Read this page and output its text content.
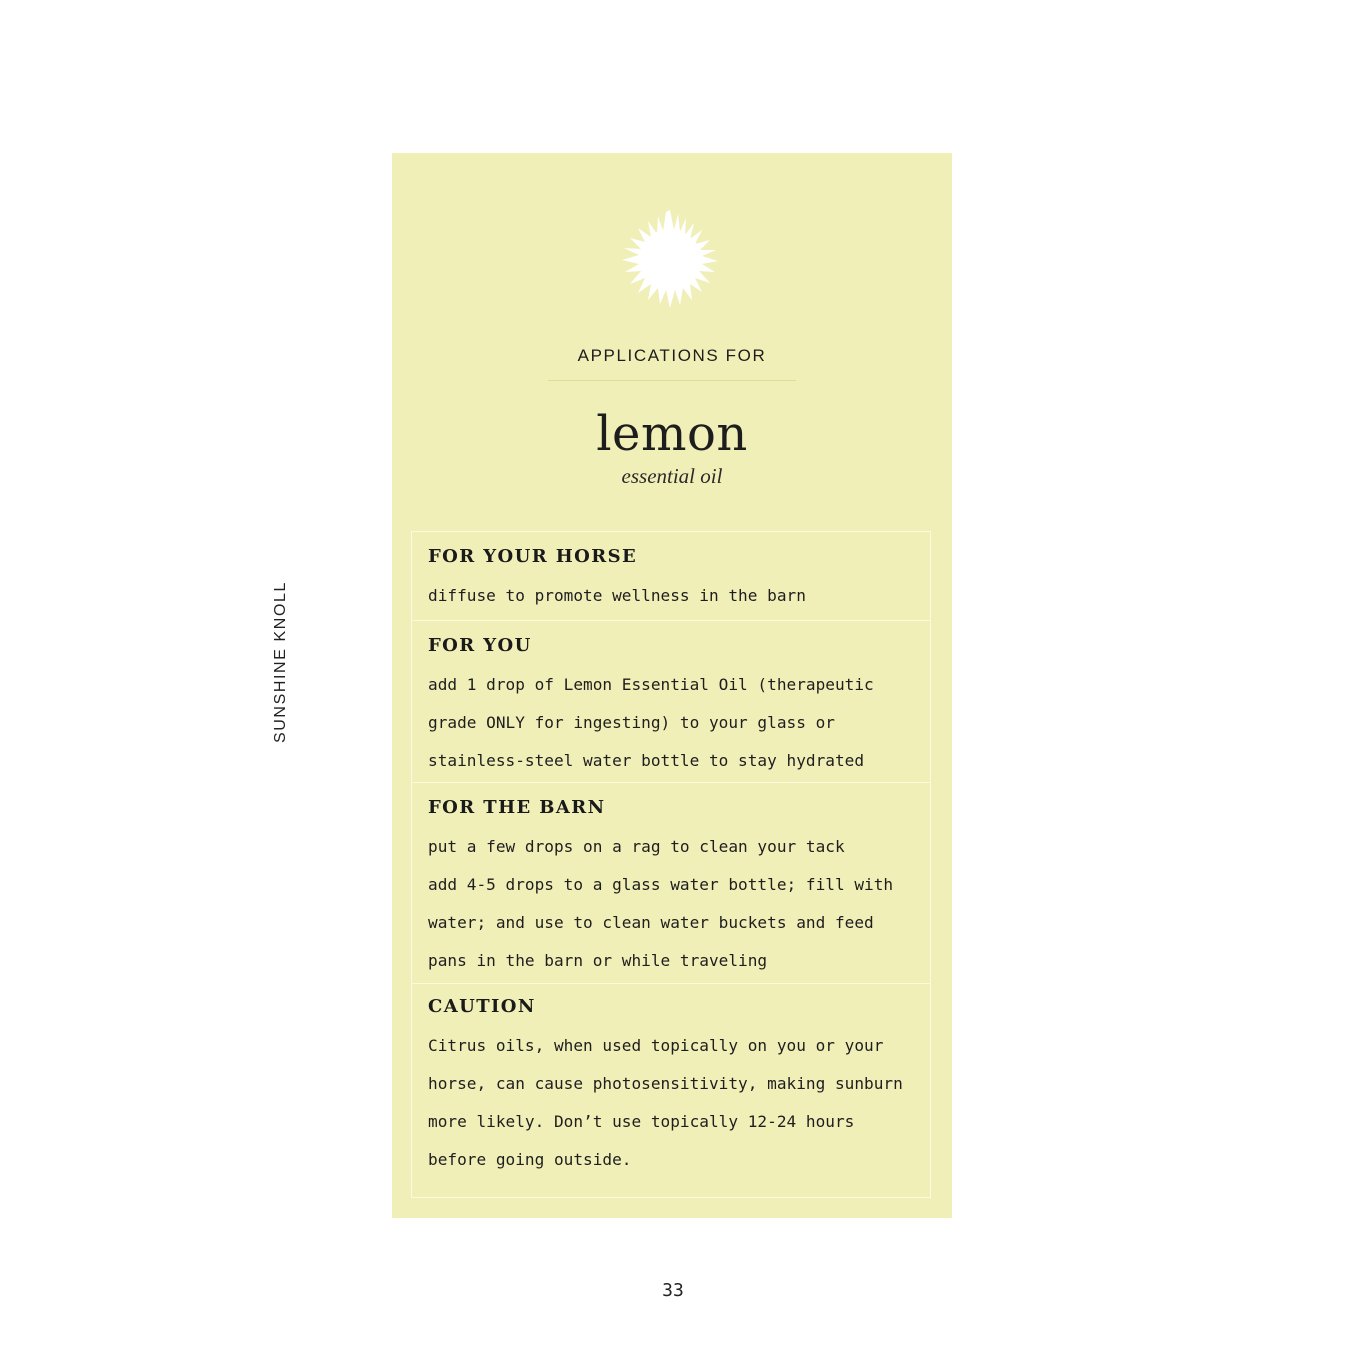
SUNSHINE KNOLL
APPLICATIONS FOR
lemon
essential oil
FOR YOUR HORSE
diffuse to promote wellness in the barn
FOR YOU
add 1 drop of Lemon Essential Oil (therapeutic
grade ONLY for ingesting) to your glass or
stainless-steel water bottle to stay hydrated
FOR THE BARN
put a few drops on a rag to clean your tack
add 4-5 drops to a glass water bottle; fill with
water; and use to clean water buckets and feed
pans in the barn or while traveling
CAUTION
Citrus oils, when used topically on you or your
horse, can cause photosensitivity, making sunburn
more likely. Don’t use topically 12-24 hours
before going outside.
33
